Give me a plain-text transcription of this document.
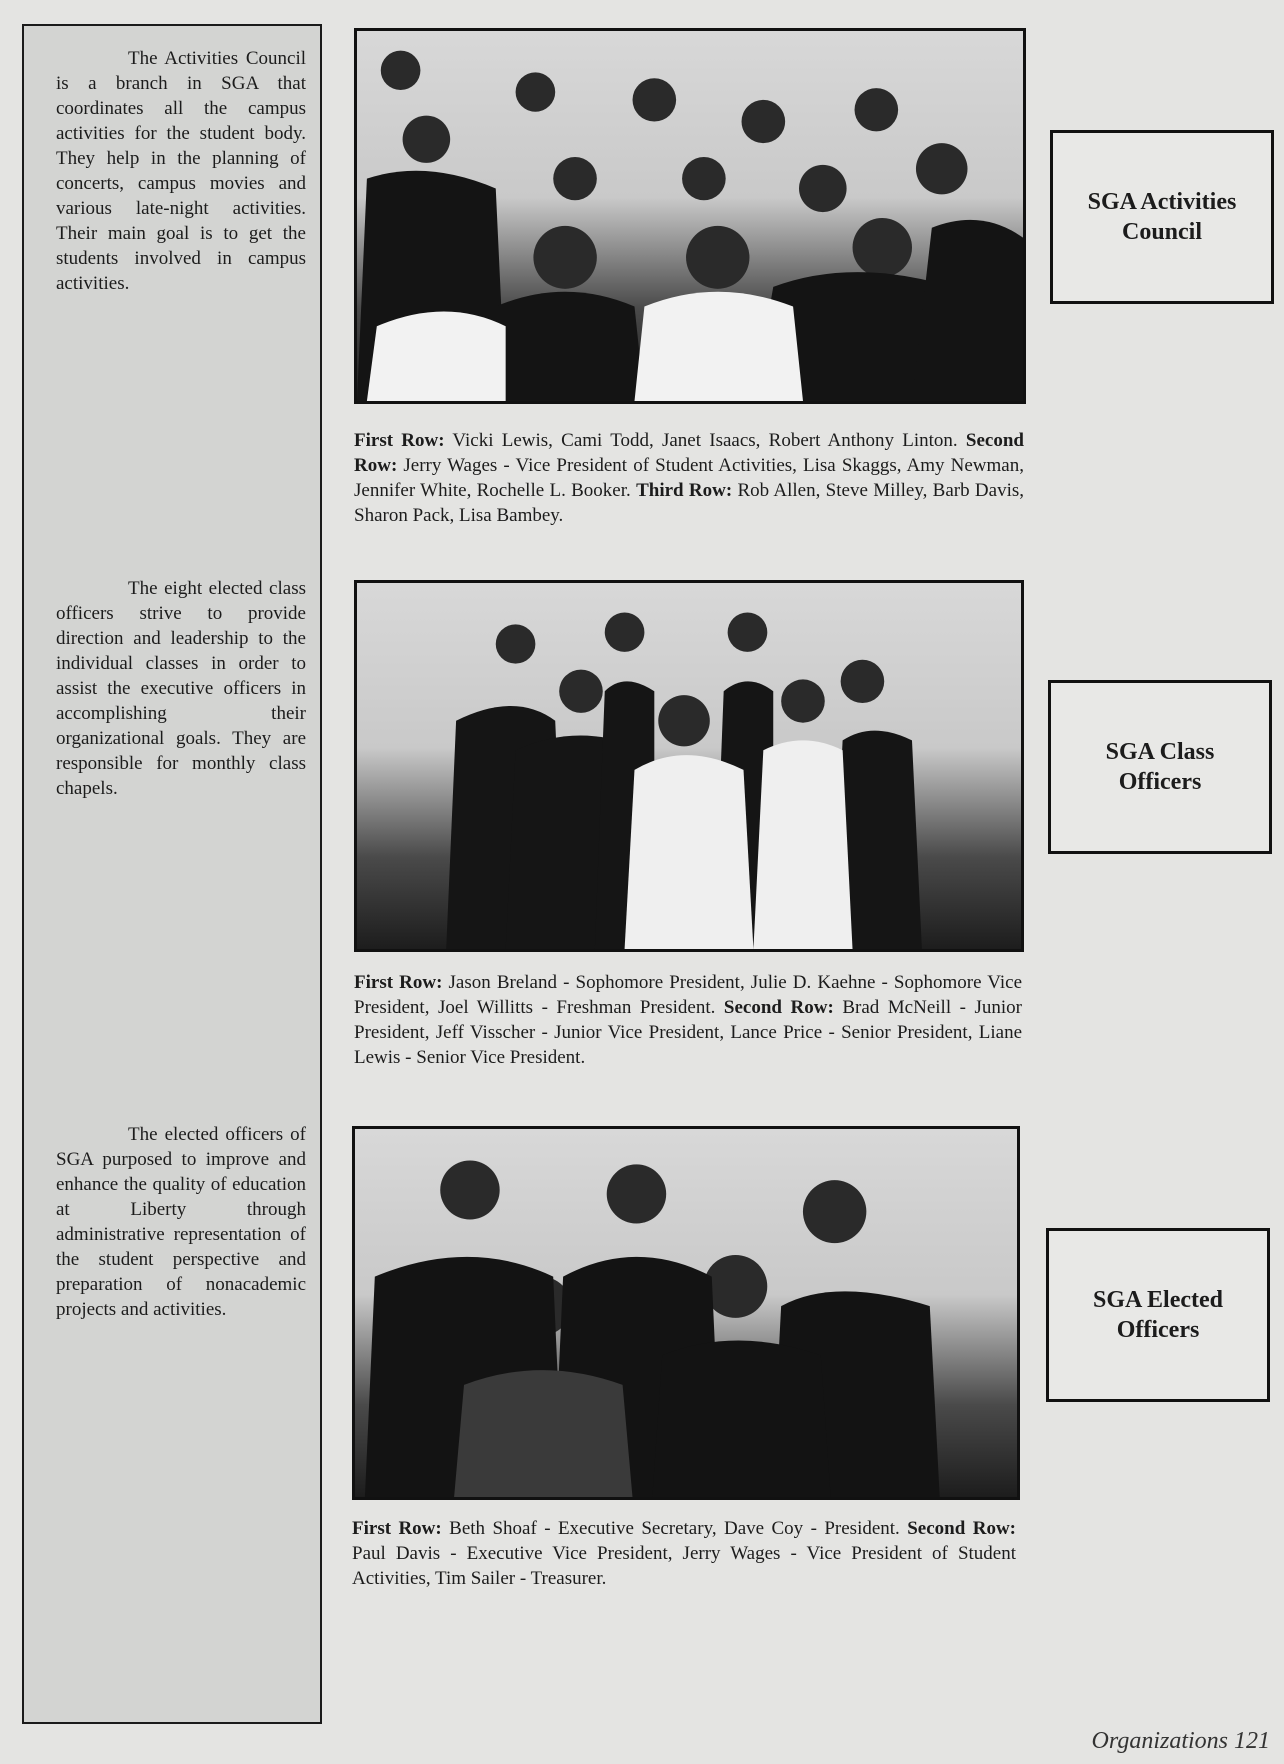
The Activities Council is a branch in SGA that coordinates all the campus activities for the student body. They help in the planning of concerts, campus movies and various late-night activities. Their main goal is to get the students involved in campus activities.

First Row: Vicki Lewis, Cami Todd, Janet Isaacs, Robert Anthony Linton. Second Row: Jerry Wages - Vice President of Student Activities, Lisa Skaggs, Amy Newman, Jennifer White, Rochelle L. Booker. Third Row: Rob Allen, Steve Milley, Barb Davis, Sharon Pack, Lisa Bambey.

SGA Activities Council

The eight elected class officers strive to provide direction and leadership to the individual classes in order to assist the executive officers in accomplishing their organizational goals. They are responsible for monthly class chapels.

First Row: Jason Breland - Sophomore President, Julie D. Kaehne - Sophomore Vice President, Joel Willitts - Freshman President. Second Row: Brad McNeill - Junior President, Jeff Visscher - Junior Vice President, Lance Price - Senior President, Liane Lewis - Senior Vice President.

SGA Class Officers

The elected officers of SGA purposed to improve and enhance the quality of education at Liberty through administrative representation of the student perspective and preparation of nonacademic projects and activities.

First Row: Beth Shoaf - Executive Secretary, Dave Coy - President. Second Row: Paul Davis - Executive Vice President, Jerry Wages - Vice President of Student Activities, Tim Sailer - Treasurer.

SGA Elected Officers
Organizations 121
